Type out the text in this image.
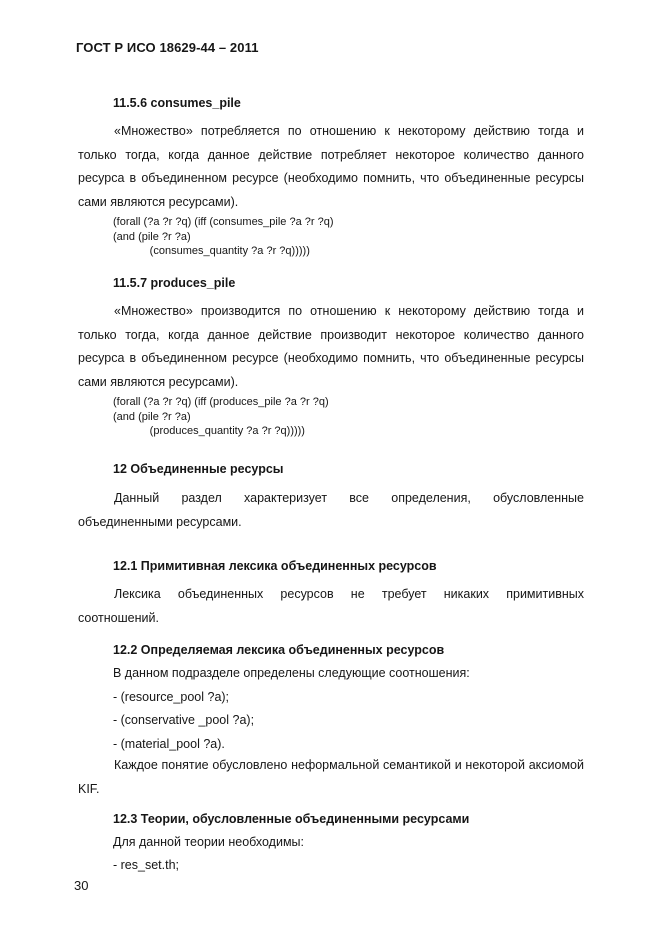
ГОСТ Р ИСО 18629-44 – 2011
11.5.6 consumes_pile
«Множество» потребляется по отношению к некоторому действию тогда и только тогда, когда данное действие потребляет некоторое количество данного ресурса в объединенном ресурсе (необходимо помнить, что объединенные ресурсы сами являются ресурсами).
(forall (?a ?r ?q) (iff (consumes_pile ?a ?r ?q)
(and (pile ?r ?a)
(consumes_quantity ?a ?r ?q)))))
11.5.7 produces_pile
«Множество» производится по отношению к некоторому действию тогда и только тогда, когда данное действие производит некоторое количество данного ресурса в объединенном ресурсе (необходимо помнить, что объединенные ресурсы сами являются ресурсами).
(forall (?a ?r ?q) (iff (produces_pile ?a ?r ?q)
(and (pile ?r ?a)
(produces_quantity ?a ?r ?q)))))
12 Объединенные ресурсы
Данный раздел характеризует все определения, обусловленные объединенными ресурсами.
12.1 Примитивная лексика объединенных ресурсов
Лексика объединенных ресурсов не требует никаких примитивных соотношений.
12.2 Определяемая лексика объединенных ресурсов
В данном подразделе определены следующие соотношения:
- (resource_pool ?a);
- (conservative _pool ?a);
- (material_pool ?a).
Каждое понятие обусловлено неформальной семантикой и некоторой аксиомой KIF.
12.3 Теории, обусловленные объединенными ресурсами
Для данной теории необходимы:
- res_set.th;
30
